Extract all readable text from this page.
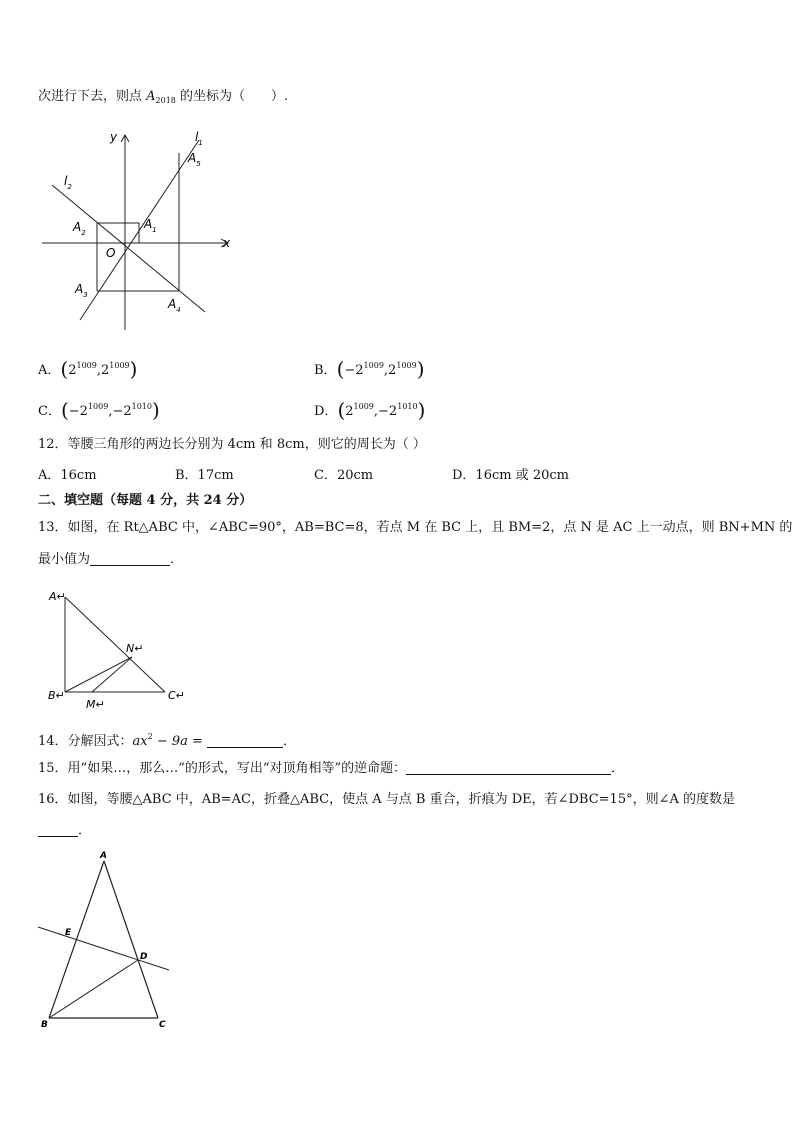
次进行下去，则点 $A_{2018}$ 的坐标为（　　）.
y
x
$l_1$
$l_2$
O
$A_1$
$A_2$
$A_3$
$A_4$
$A_5$
A．$(2^{1009},2^{1009})$	B．$(-2^{1009},2^{1009})$
C．$(-2^{1009},-2^{1010})$	D．$(2^{1009},-2^{1010})$
12．等腰三角形的两边长分别为 4cm 和 8cm，则它的周长为（ ）
A．16cm	B．17cm	C．20cm	D．16cm 或 20cm
二、填空题（每题 4 分，共 24 分）
13．如图，在 Rt△ABC 中，∠ABC=90°，AB=BC=8，若点 M 在 BC 上，且 BM=2，点 N 是 AC 上一动点，则 BN+MN 的
最小值为	．
A↵
B↵	C↵
N↵
M↵
14．分解因式：$ax^2 - 9a$ =	．
15．用“如果…，那么…”的形式，写出“对顶角相等”的逆命题：	．
16．如图，等腰△ABC 中，AB=AC，折叠△ABC，使点 A 与点 B 重合，折痕为 DE，若∠DBC=15°，则∠A 的度数是
．
A
B	C
D
E
